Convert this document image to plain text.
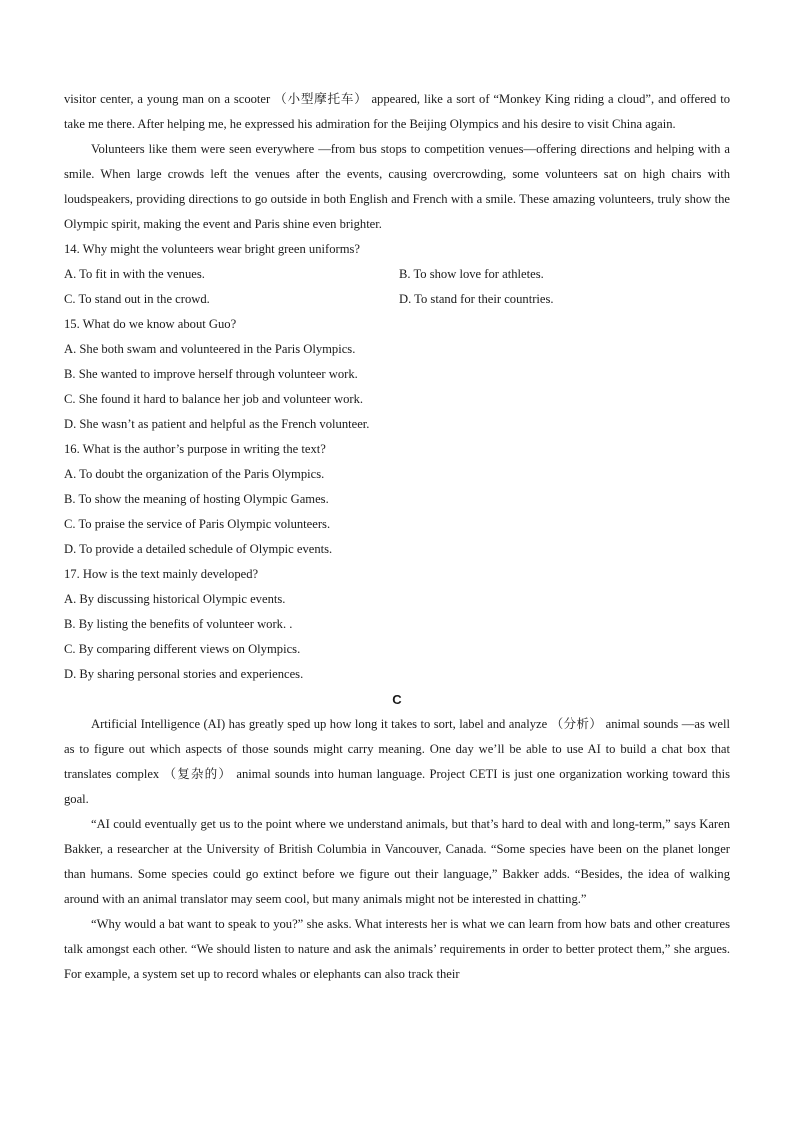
visitor center, a young man on a scooter （小型摩托车） appeared, like a sort of “Monkey King riding a cloud”, and offered to take me there. After helping me, he expressed his admiration for the Beijing Olympics and his desire to visit China again.

Volunteers like them were seen everywhere —from bus stops to competition venues—offering directions and helping with a smile. When large crowds left the venues after the events, causing overcrowding, some volunteers sat on high chairs with loudspeakers, providing directions to go outside in both English and French with a smile. These amazing volunteers, truly show the Olympic spirit, making the event and Paris shine even brighter.

14. Why might the volunteers wear bright green uniforms?

A. To fit in with the venues.	B. To show love for athletes.
C. To stand out in the crowd.	D. To stand for their countries.

15. What do we know about Guo?

A. She both swam and volunteered in the Paris Olympics.

B. She wanted to improve herself through volunteer work.

C. She found it hard to balance her job and volunteer work.

D. She wasn’t as patient and helpful as the French volunteer.

16. What is the author’s purpose in writing the text?

A. To doubt the organization of the Paris Olympics.

B. To show the meaning of hosting Olympic Games.

C. To praise the service of Paris Olympic volunteers.

D. To provide a detailed schedule of Olympic events.

17. How is the text mainly developed?

A. By discussing historical Olympic events.

B. By listing the benefits of volunteer work. .

C. By comparing different views on Olympics.

D. By sharing personal stories and experiences.

C

Artificial Intelligence (AI) has greatly sped up how long it takes to sort, label and analyze （分析） animal sounds —as well as to figure out which aspects of those sounds might carry meaning. One day we’ll be able to use AI to build a chat box that translates complex （复杂的） animal sounds into human language. Project CETI is just one organization working toward this goal.

“AI could eventually get us to the point where we understand animals, but that’s hard to deal with and long-term,” says Karen Bakker, a researcher at the University of British Columbia in Vancouver, Canada. “Some species have been on the planet longer than humans. Some species could go extinct before we figure out their language,” Bakker adds. “Besides, the idea of walking around with an animal translator may seem cool, but many animals might not be interested in chatting.”

“Why would a bat want to speak to you?” she asks. What interests her is what we can learn from how bats and other creatures talk amongst each other. “We should listen to nature and ask the animals’ requirements in order to better protect them,” she argues. For example, a system set up to record whales or elephants can also track their
